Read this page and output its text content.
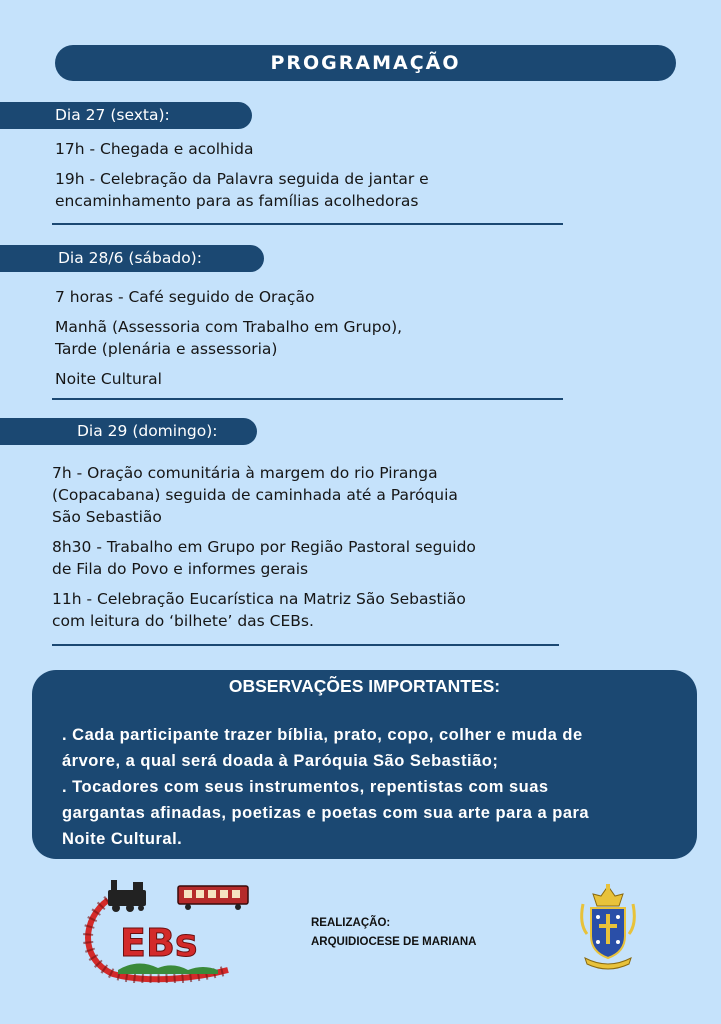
PROGRAMAÇÃO
Dia 27 (sexta):
17h - Chegada e acolhida
19h - Celebração da Palavra seguida de jantar e
encaminhamento para as famílias acolhedoras
Dia 28/6 (sábado):
7 horas - Café seguido de Oração
Manhã (Assessoria com Trabalho em Grupo),
Tarde (plenária e assessoria)
Noite Cultural
Dia 29 (domingo):
7h - Oração comunitária à margem do rio Piranga
(Copacabana) seguida de caminhada até a Paróquia
São Sebastião
8h30 - Trabalho em Grupo por Região Pastoral seguido
de Fila do Povo e informes gerais
11h - Celebração Eucarística na Matriz São Sebastião
com leitura do ‘bilhete’ das CEBs.
OBSERVAÇÕES IMPORTANTES:
. Cada participante trazer bíblia, prato, copo, colher e muda de
árvore, a qual será doada à Paróquia São Sebastião;
. Tocadores com seus instrumentos, repentistas com suas
gargantas afinadas, poetizas e poetas com sua arte para a para
Noite Cultural.
EBs	REALIZAÇÃO:
ARQUIDIOCESE DE MARIANA
